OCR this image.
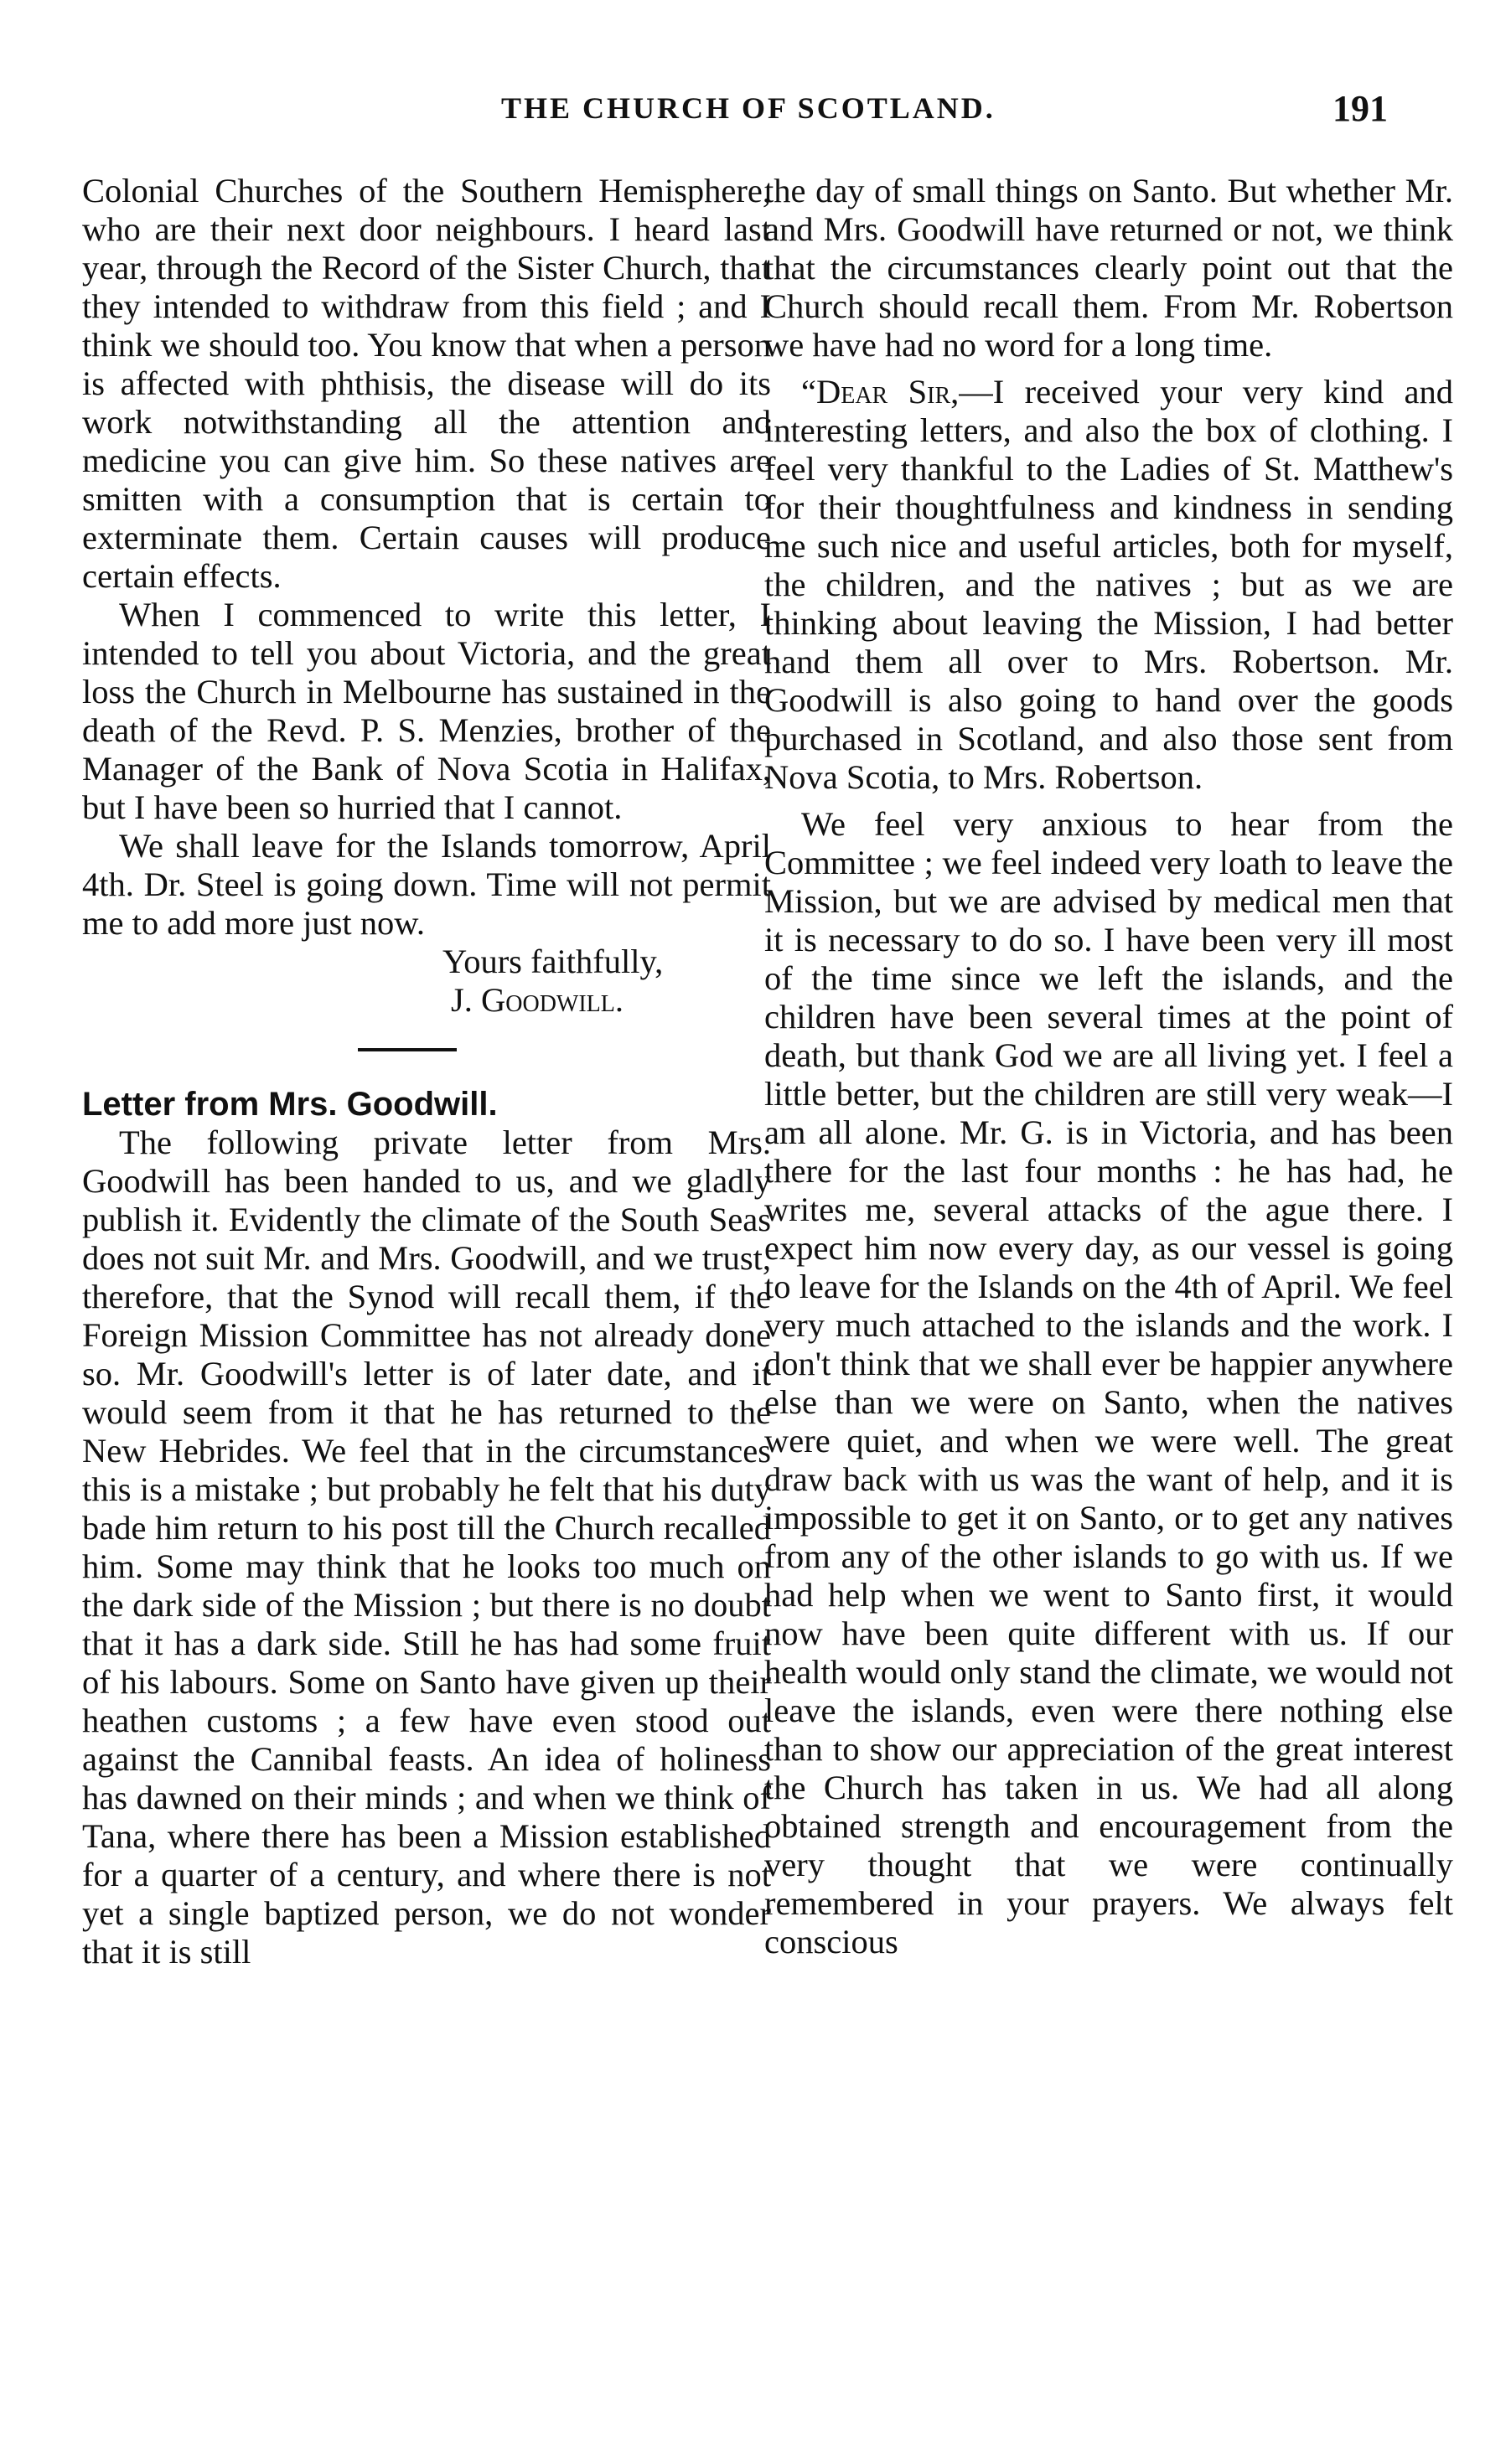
THE CHURCH OF SCOTLAND.	191

Colonial Churches of the Southern Hemisphere, who are their next door neighbours. I heard last year, through the Record of the Sister Church, that they intended to withdraw from this field ; and I think we should too. You know that when a person is affected with phthisis, the disease will do its work notwithstanding all the attention and medicine you can give him. So these natives are smitten with a consumption that is certain to exterminate them. Certain causes will produce certain effects.

When I commenced to write this letter, I intended to tell you about Victoria, and the great loss the Church in Melbourne has sustained in the death of the Revd. P. S. Menzies, brother of the Manager of the Bank of Nova Scotia in Halifax, but I have been so hurried that I cannot.

We shall leave for the Islands tomorrow, April 4th. Dr. Steel is going down. Time will not permit me to add more just now.

Yours faithfully,

J. Goodwill.

Letter from Mrs. Goodwill.

The following private letter from Mrs. Goodwill has been handed to us, and we gladly publish it. Evidently the climate of the South Seas does not suit Mr. and Mrs. Goodwill, and we trust, therefore, that the Synod will recall them, if the Foreign Mission Committee has not already done so. Mr. Goodwill's letter is of later date, and it would seem from it that he has returned to the New Hebrides. We feel that in the circumstances this is a mistake ; but probably he felt that his duty bade him return to his post till the Church recalled him. Some may think that he looks too much on the dark side of the Mission ; but there is no doubt that it has a dark side. Still he has had some fruit of his labours. Some on Santo have given up their heathen customs ; a few have even stood out against the Cannibal feasts. An idea of holiness has dawned on their minds ; and when we think of Tana, where there has been a Mission established for a quarter of a century, and where there is not yet a single baptized person, we do not wonder that it is still

the day of small things on Santo. But whether Mr. and Mrs. Goodwill have returned or not, we think that the circumstances clearly point out that the Church should recall them. From Mr. Robertson we have had no word for a long time.

“Dear Sir,—I received your very kind and interesting letters, and also the box of clothing. I feel very thankful to the Ladies of St. Matthew's for their thoughtfulness and kindness in sending me such nice and useful articles, both for myself, the children, and the natives ; but as we are thinking about leaving the Mission, I had better hand them all over to Mrs. Robertson. Mr. Goodwill is also going to hand over the goods purchased in Scotland, and also those sent from Nova Scotia, to Mrs. Robertson.

We feel very anxious to hear from the Committee ; we feel indeed very loath to leave the Mission, but we are advised by medical men that it is necessary to do so. I have been very ill most of the time since we left the islands, and the children have been several times at the point of death, but thank God we are all living yet. I feel a little better, but the children are still very weak—I am all alone. Mr. G. is in Victoria, and has been there for the last four months : he has had, he writes me, several attacks of the ague there. I expect him now every day, as our vessel is going to leave for the Islands on the 4th of April. We feel very much attached to the islands and the work. I don't think that we shall ever be happier anywhere else than we were on Santo, when the natives were quiet, and when we were well. The great draw back with us was the want of help, and it is impossible to get it on Santo, or to get any natives from any of the other islands to go with us. If we had help when we went to Santo first, it would now have been quite different with us. If our health would only stand the climate, we would not leave the islands, even were there nothing else than to show our appreciation of the great interest the Church has taken in us. We had all along obtained strength and encouragement from the very thought that we were continually remembered in your prayers. We always felt conscious
